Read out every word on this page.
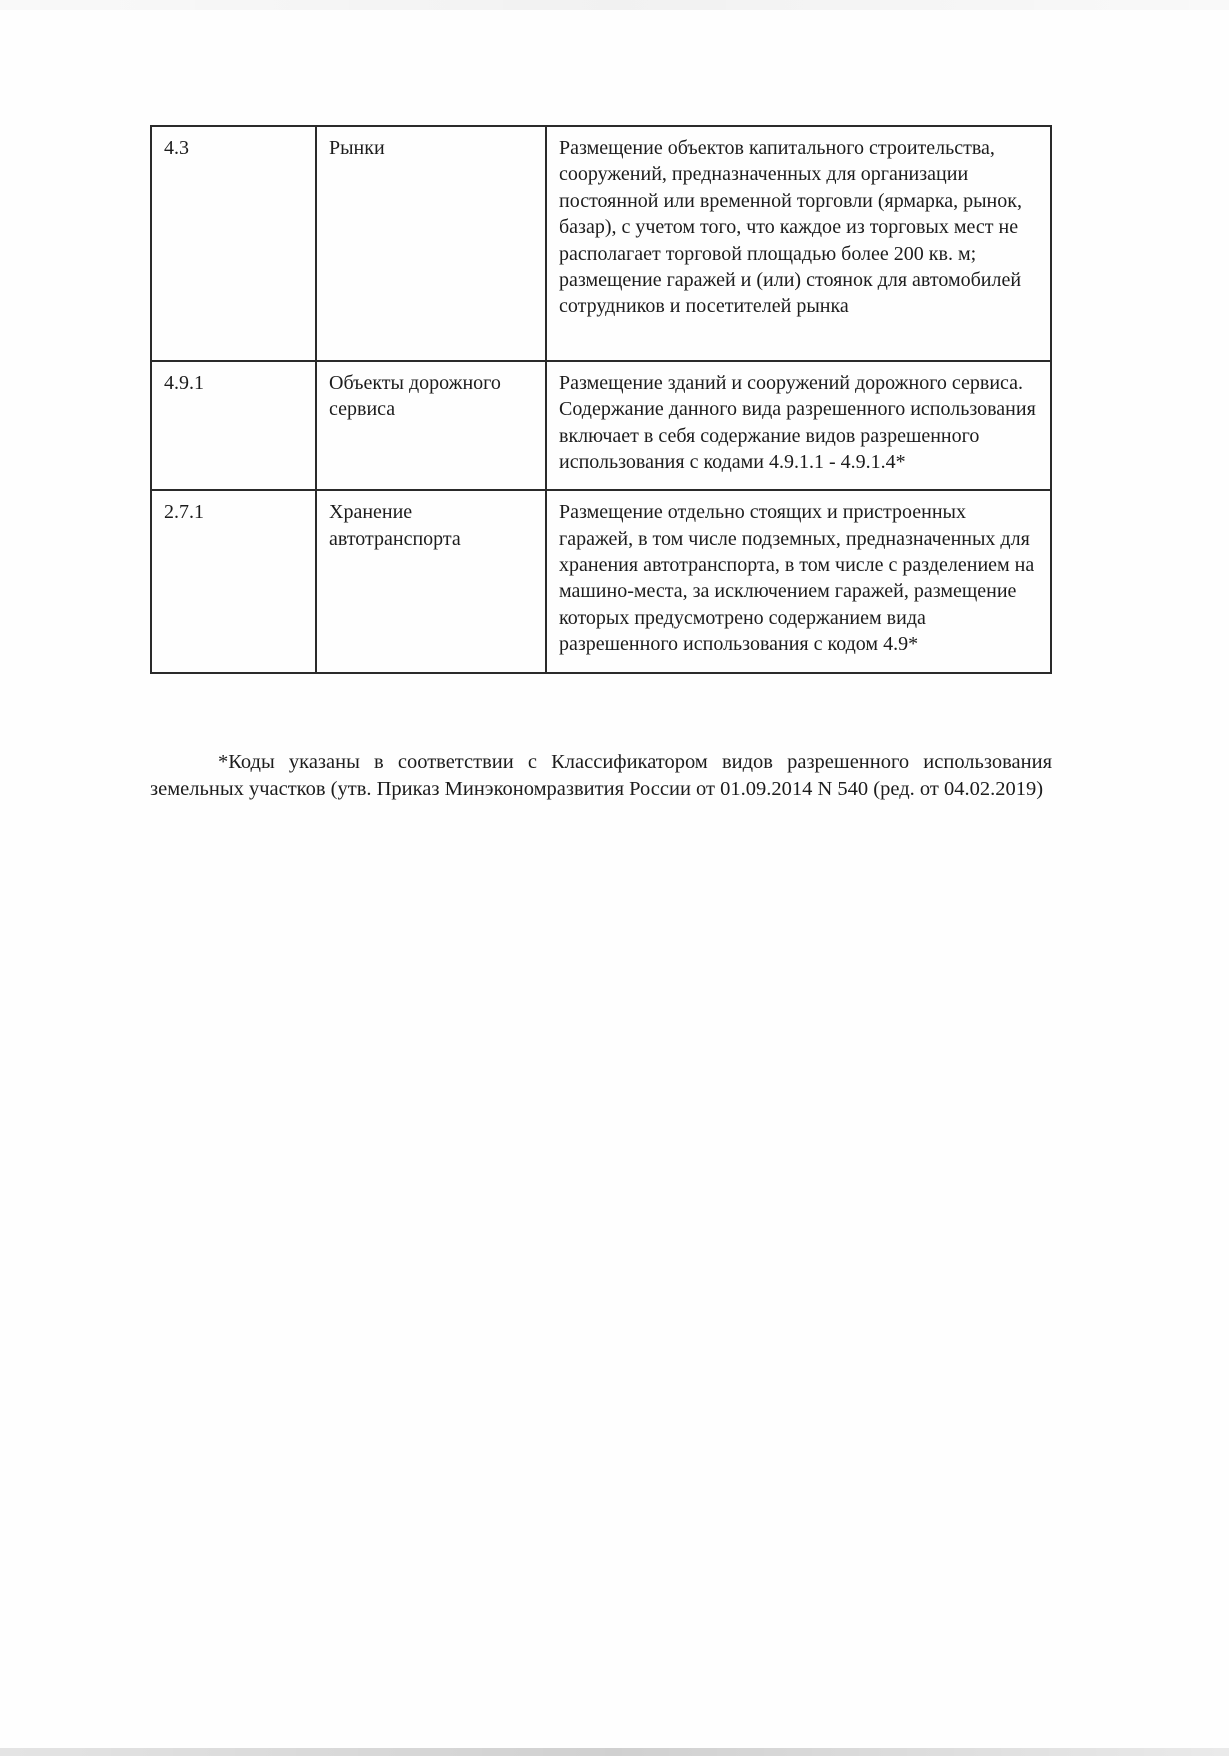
4.3	Рынки	Размещение объектов капитального строительства, сооружений, предназначенных для организации постоянной или временной торговли (ярмарка, рынок, базар), с учетом того, что каждое из торговых мест не располагает торговой площадью более 200 кв. м; размещение гаражей и (или) стоянок для автомобилей сотрудников и посетителей рынка
4.9.1	Объекты дорожного сервиса	Размещение зданий и сооружений дорожного сервиса. Содержание данного вида разрешенного использования включает в себя содержание видов разрешенного использования с кодами 4.9.1.1 - 4.9.1.4*
2.7.1	Хранение автотранспорта	Размещение отдельно стоящих и пристроенных гаражей, в том числе подземных, предназначенных для хранения автотранспорта, в том числе с разделением на машино-места, за исключением гаражей, размещение которых предусмотрено содержанием вида разрешенного использования с кодом 4.9*

*Коды указаны в соответствии с Классификатором видов разрешенного использования земельных участков (утв. Приказ Минэкономразвития России от 01.09.2014 N 540 (ред. от 04.02.2019)
